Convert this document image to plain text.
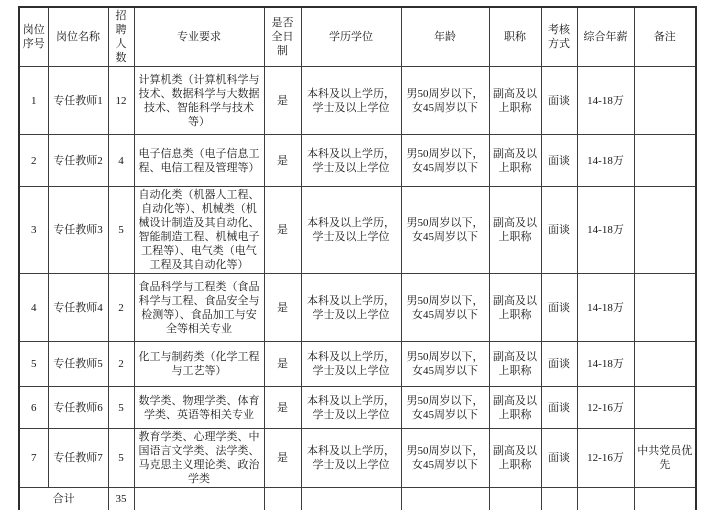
岗位序号	岗位名称	招聘人数	专业要求	是否全日制	学历学位	年龄	职称	考核方式	综合年薪	备注
1	专任教师1	12	计算机类（计算机科学与技术、数据科学与大数据技术、智能科学与技术等）	是	本科及以上学历，学士及以上学位	男50周岁以下，女45周岁以下	副高及以上职称	面谈	14-18万	
2	专任教师2	4	电子信息类（电子信息工程、电信工程及管理等）	是	本科及以上学历，学士及以上学位	男50周岁以下，女45周岁以下	副高及以上职称	面谈	14-18万	
3	专任教师3	5	自动化类（机器人工程、自动化等）、机械类（机械设计制造及其自动化、智能制造工程、机械电子工程等）、电气类（电气工程及其自动化等）	是	本科及以上学历，学士及以上学位	男50周岁以下，女45周岁以下	副高及以上职称	面谈	14-18万	
4	专任教师4	2	食品科学与工程类（食品科学与工程、食品安全与检测等）、食品加工与安全等相关专业	是	本科及以上学历，学士及以上学位	男50周岁以下，女45周岁以下	副高及以上职称	面谈	14-18万	
5	专任教师5	2	化工与制药类（化学工程与工艺等）	是	本科及以上学历，学士及以上学位	男50周岁以下，女45周岁以下	副高及以上职称	面谈	14-18万	
6	专任教师6	5	数学类、物理学类、体育学类、英语等相关专业	是	本科及以上学历，学士及以上学位	男50周岁以下，女45周岁以下	副高及以上职称	面谈	12-16万	
7	专任教师7	5	教育学类、心理学类、中国语言文学类、法学类、马克思主义理论类、政治学类	是	本科及以上学历，学士及以上学位	男50周岁以下，女45周岁以下	副高及以上职称	面谈	12-16万	中共党员优先
合计		35								
